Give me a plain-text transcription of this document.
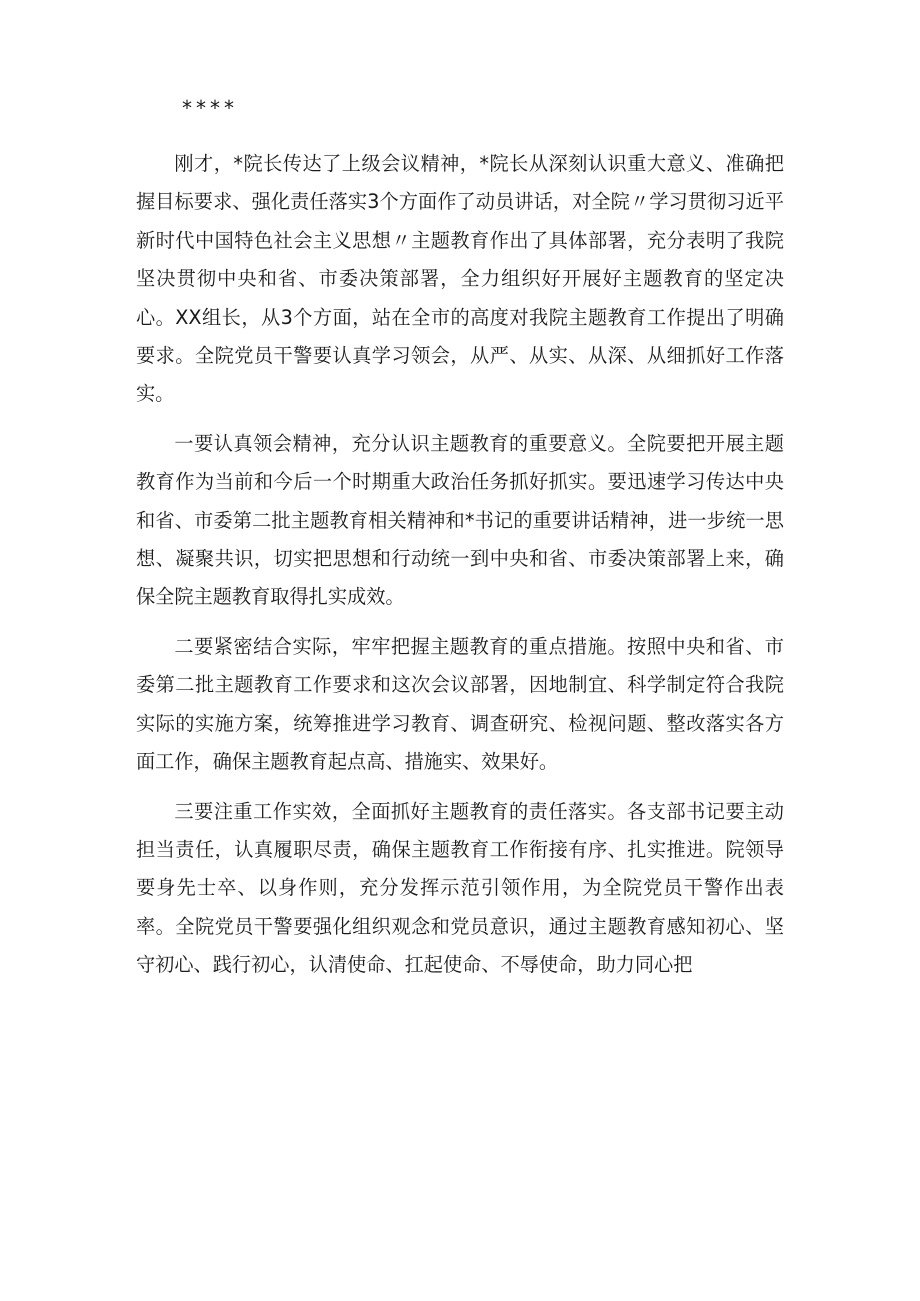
****

刚才，*院长传达了上级会议精神，*院长从深刻认识重大意义、准确把握目标要求、强化责任落实3个方面作了动员讲话，对全院〃学习贯彻习近平新时代中国特色社会主义思想〃主题教育作出了具体部署，充分表明了我院坚决贯彻中央和省、市委决策部署，全力组织好开展好主题教育的坚定决心。XX组长，从3个方面，站在全市的高度对我院主题教育工作提出了明确要求。全院党员干警要认真学习领会，从严、从实、从深、从细抓好工作落实。

一要认真领会精神，充分认识主题教育的重要意义。全院要把开展主题教育作为当前和今后一个时期重大政治任务抓好抓实。要迅速学习传达中央和省、市委第二批主题教育相关精神和*书记的重要讲话精神，进一步统一思想、凝聚共识，切实把思想和行动统一到中央和省、市委决策部署上来，确保全院主题教育取得扎实成效。

二要紧密结合实际，牢牢把握主题教育的重点措施。按照中央和省、市委第二批主题教育工作要求和这次会议部署，因地制宜、科学制定符合我院实际的实施方案，统筹推进学习教育、调查研究、检视问题、整改落实各方面工作，确保主题教育起点高、措施实、效果好。

三要注重工作实效，全面抓好主题教育的责任落实。各支部书记要主动担当责任，认真履职尽责，确保主题教育工作衔接有序、扎实推进。院领导要身先士卒、以身作则，充分发挥示范引领作用，为全院党员干警作出表率。全院党员干警要强化组织观念和党员意识，通过主题教育感知初心、坚守初心、践行初心，认清使命、扛起使命、不辱使命，助力同心把
